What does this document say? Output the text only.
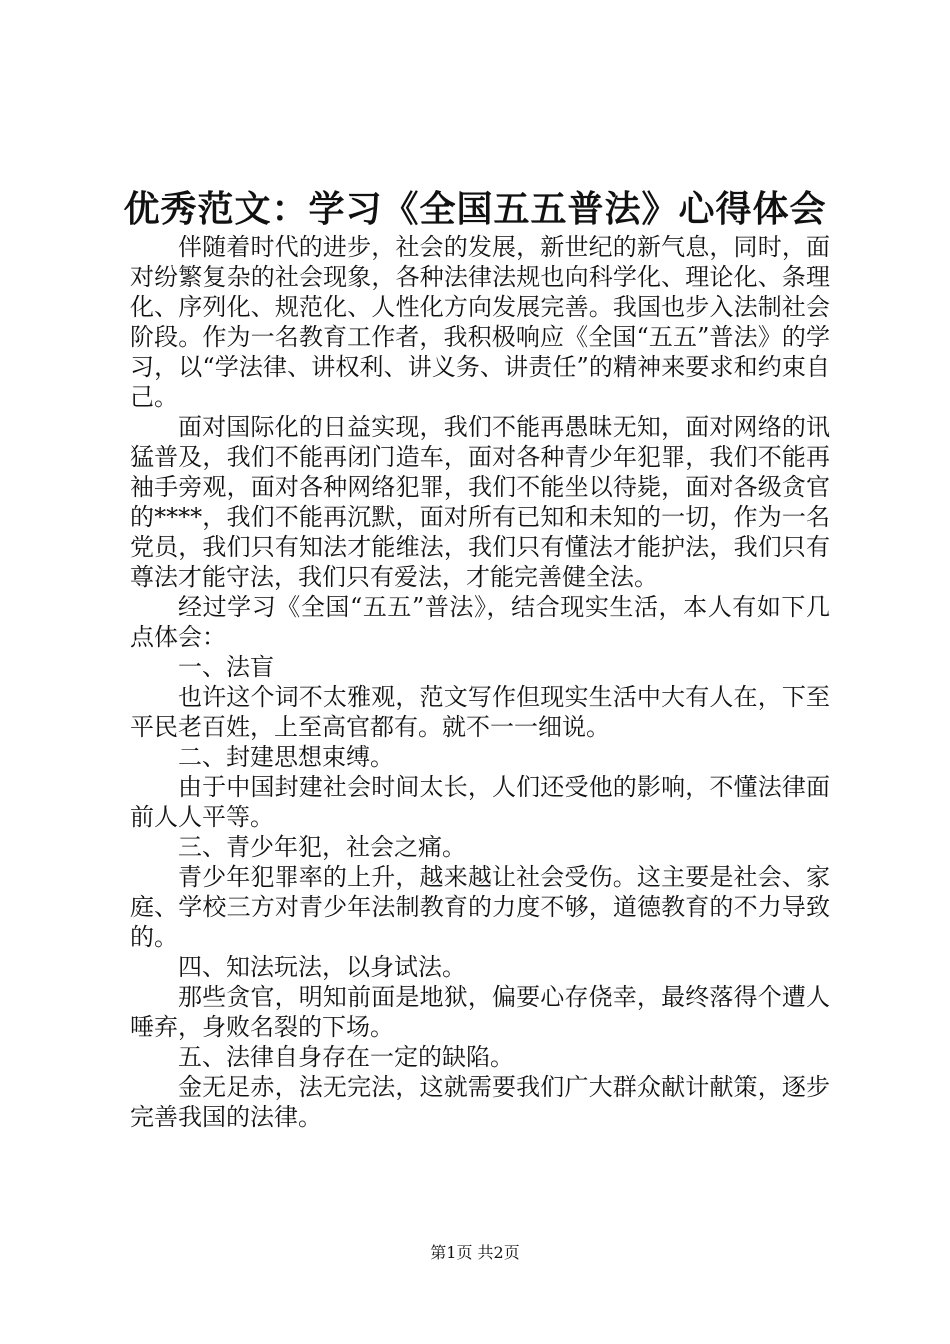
优秀范文：学习《全国五五普法》心得体会

伴随着时代的进步，社会的发展，新世纪的新气息，同时，面对纷繁复杂的社会现象，各种法律法规也向科学化、理论化、条理化、序列化、规范化、人性化方向发展完善。我国也步入法制社会阶段。作为一名教育工作者，我积极响应《全国“五五”普法》的学习，以“学法律、讲权利、讲义务、讲责任”的精神来要求和约束自己。

面对国际化的日益实现，我们不能再愚昧无知，面对网络的讯猛普及，我们不能再闭门造车，面对各种青少年犯罪，我们不能再袖手旁观，面对各种网络犯罪，我们不能坐以待毙，面对各级贪官的****，我们不能再沉默，面对所有已知和未知的一切，作为一名党员，我们只有知法才能维法，我们只有懂法才能护法，我们只有尊法才能守法，我们只有爱法，才能完善健全法。

经过学习《全国“五五”普法》，结合现实生活，本人有如下几点体会：

一、法盲

也许这个词不太雅观，范文写作但现实生活中大有人在，下至平民老百姓，上至高官都有。就不一一细说。

二、封建思想束缚。

由于中国封建社会时间太长，人们还受他的影响，不懂法律面前人人平等。

三、青少年犯，社会之痛。

青少年犯罪率的上升，越来越让社会受伤。这主要是社会、家庭、学校三方对青少年法制教育的力度不够，道德教育的不力导致的。

四、知法玩法，以身试法。

那些贪官，明知前面是地狱，偏要心存侥幸，最终落得个遭人唾弃，身败名裂的下场。

五、法律自身存在一定的缺陷。

金无足赤，法无完法，这就需要我们广大群众献计献策，逐步完善我国的法律。

第1页 共2页
